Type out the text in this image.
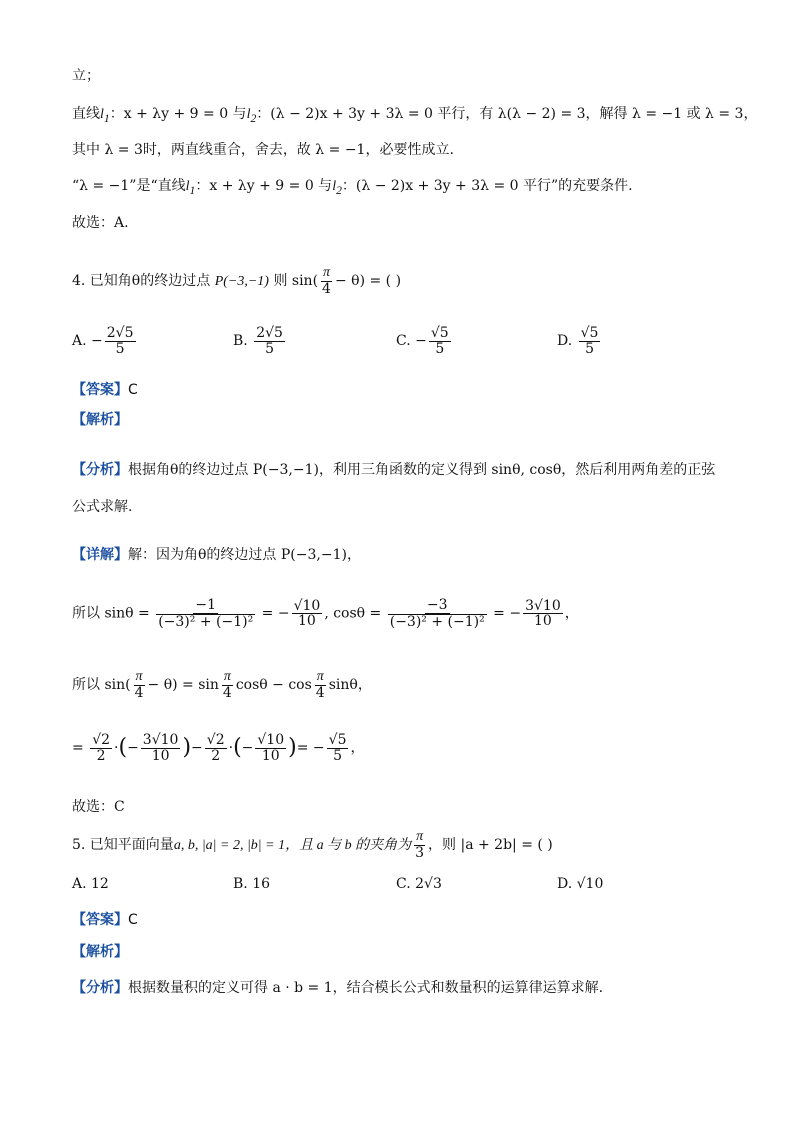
立；
直线$l_1$：x + λy + 9 = 0 与$l_2$：(λ − 2)x + 3y + 3λ = 0 平行，有 λ(λ − 2) = 3，解得 λ = −1 或 λ = 3，
其中 λ = 3时，两直线重合，舍去，故 λ = −1，必要性成立.
“λ = −1”是“直线$l_1$：x + λy + 9 = 0 与$l_2$：(λ − 2)x + 3y + 3λ = 0 平行”的充要条件.
故选：A.
4. 已知角θ的终边过点 P(−3,−1) 则 $\sin( \frac{\pi}{4} - \theta)$ = ( )
A. − $\frac{2√5}{5}$	B. $\frac{2√5}{5}$	C. − $\frac{√5}{5}$	D. $\frac{√5}{5}$
【答案】C
【解析】
【分析】根据角θ的终边过点 P(−3,−1)，利用三角函数的定义得到 sinθ, cosθ，然后利用两角差的正弦
公式求解.
【详解】解：因为角θ的终边过点 P(−3,−1)，
所以 $\sin\theta = \frac{-1}{\text{(−3)² + (−1)²}}$ = − $\frac{√10}{10}$ , $\cos\theta = \frac{-3}{\text{(−3)² + (−1)²}}$ = − $\frac{3√10}{10}$ ，
所以 $\sin( \frac{\pi}{4} - \theta) = \sin \frac{\pi}{4}$ $\cos\theta - \cos \frac{\pi}{4}$ sinθ，
= $\frac{√2}{2}$ ·(− $\frac{3√10}{10}$ )− $\frac{√2}{2}$ ·(− $\frac{√10}{10}$ )= − $\frac{√5}{5}$ ，
故选：C
5. 已知平面向量a, b, |a| = 2, |b| = 1，且 a 与 b 的夹角为 $\frac{\pi}{3}$ ，则 |a + 2b| = ( )
A. 12	B. 16	C. 2√3	D. √10
【答案】C
【解析】
【分析】根据数量积的定义可得 a · b = 1，结合模长公式和数量积的运算律运算求解.
